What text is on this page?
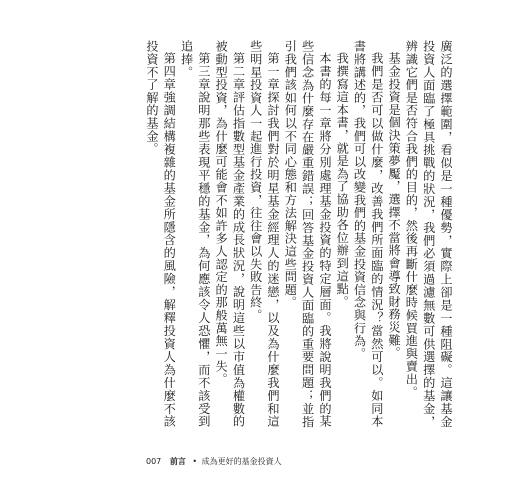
廣泛的選擇範圍，看似是一種優勢，實際上卻是一種阻礙。這讓基金投資人面臨了極具挑戰的狀況，我們必須過濾無數可供選擇的基金，辨識它們是否符合我們的目的，然後再斷什麼時候買進與賣出。

基金投資是個決策夢魘，選擇不當將會導致財務災難。

我們是否可以做什麼，改善我們所面臨的情況？當然可以。如同本書將講述的，我們可以改變我們的基金投資信念與行為。

我撰寫這本書，就是為了協助各位辦到這點。

本書的每一章將分別處理基金投資的特定層面。我將說明我們的某些信念為什麼存在嚴重錯誤；回答基金投資人面臨的重要問題；並指引我們該如何以不同心態和方法解決這些問題。

第一章探討我們對於明星基金經理人的迷戀，以及為什麼我們和這些明星投資人一起進行投資，往往會以失敗告終。

第二章評估指數型基金產業的成長狀況，說明這些以市值為權數的被動型投資，為什麼可能會不如許多人認定的那般萬無一失。

第三章說明那些表現平穩的基金，為何應該令人恐懼，而不該受到追捧。

第四章強調結構複雜的基金所隱含的風險，解釋投資人為什麼不該投資不了解的基金。

007 前言 • 成為更好的基金投資人
